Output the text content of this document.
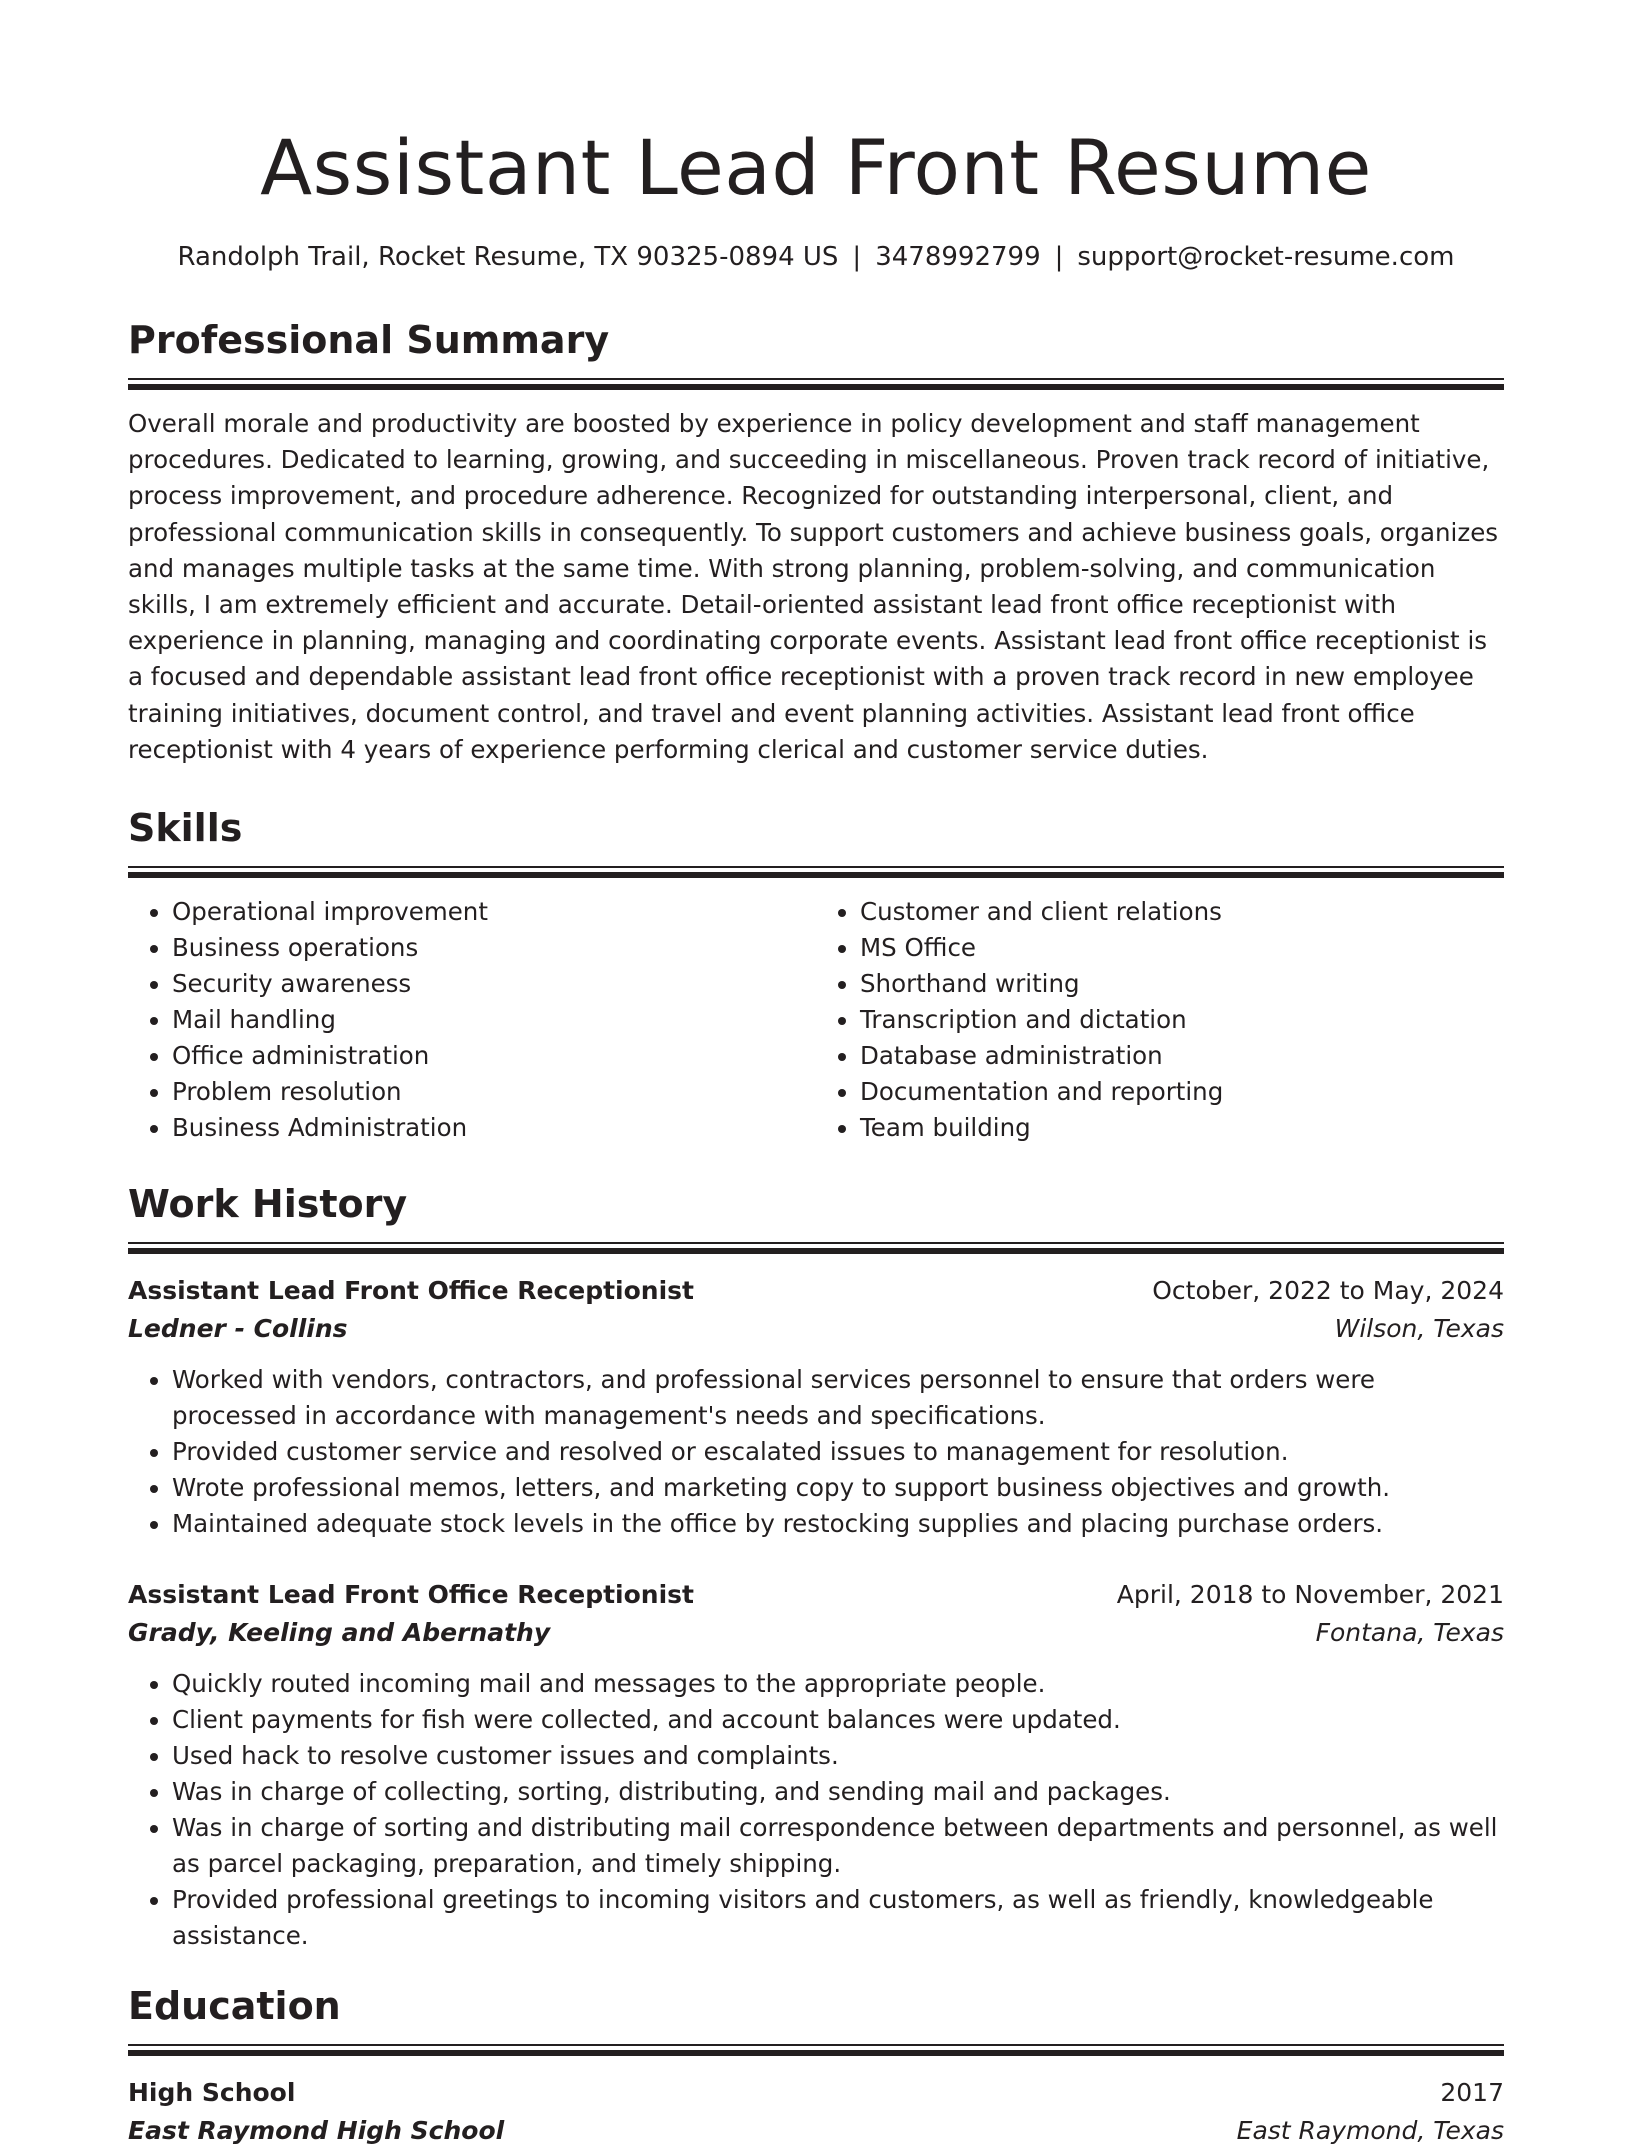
Assistant Lead Front Resume
Randolph Trail, Rocket Resume, TX 90325-0894 US | 3478992799 | support@rocket-resume.com
Professional Summary

Overall morale and productivity are boosted by experience in policy development and staff management procedures. Dedicated to learning, growing, and succeeding in miscellaneous. Proven track record of initiative, process improvement, and procedure adherence. Recognized for outstanding interpersonal, client, and professional communication skills in consequently. To support customers and achieve business goals, organizes and manages multiple tasks at the same time. With strong planning, problem-solving, and communication skills, I am extremely efficient and accurate. Detail-oriented assistant lead front office receptionist with experience in planning, managing and coordinating corporate events. Assistant lead front office receptionist is a focused and dependable assistant lead front office receptionist with a proven track record in new employee training initiatives, document control, and travel and event planning activities. Assistant lead front office receptionist with 4 years of experience performing clerical and customer service duties.

Skills
• Operational improvement
• Business operations
• Security awareness
• Mail handling
• Office administration
• Problem resolution
• Business Administration
• Customer and client relations
• MS Office
• Shorthand writing
• Transcription and dictation
• Database administration
• Documentation and reporting
• Team building
Work History
Assistant Lead Front Office Receptionist	October, 2022 to May, 2024
Ledner - Collins	Wilson, Texas
• Worked with vendors, contractors, and professional services personnel to ensure that orders were processed in accordance with management's needs and specifications.
• Provided customer service and resolved or escalated issues to management for resolution.
• Wrote professional memos, letters, and marketing copy to support business objectives and growth.
• Maintained adequate stock levels in the office by restocking supplies and placing purchase orders.
Assistant Lead Front Office Receptionist	April, 2018 to November, 2021
Grady, Keeling and Abernathy	Fontana, Texas
• Quickly routed incoming mail and messages to the appropriate people.
• Client payments for fish were collected, and account balances were updated.
• Used hack to resolve customer issues and complaints.
• Was in charge of collecting, sorting, distributing, and sending mail and packages.
• Was in charge of sorting and distributing mail correspondence between departments and personnel, as well as parcel packaging, preparation, and timely shipping.
• Provided professional greetings to incoming visitors and customers, as well as friendly, knowledgeable assistance.
Education
High School	2017
East Raymond High School	East Raymond, Texas
